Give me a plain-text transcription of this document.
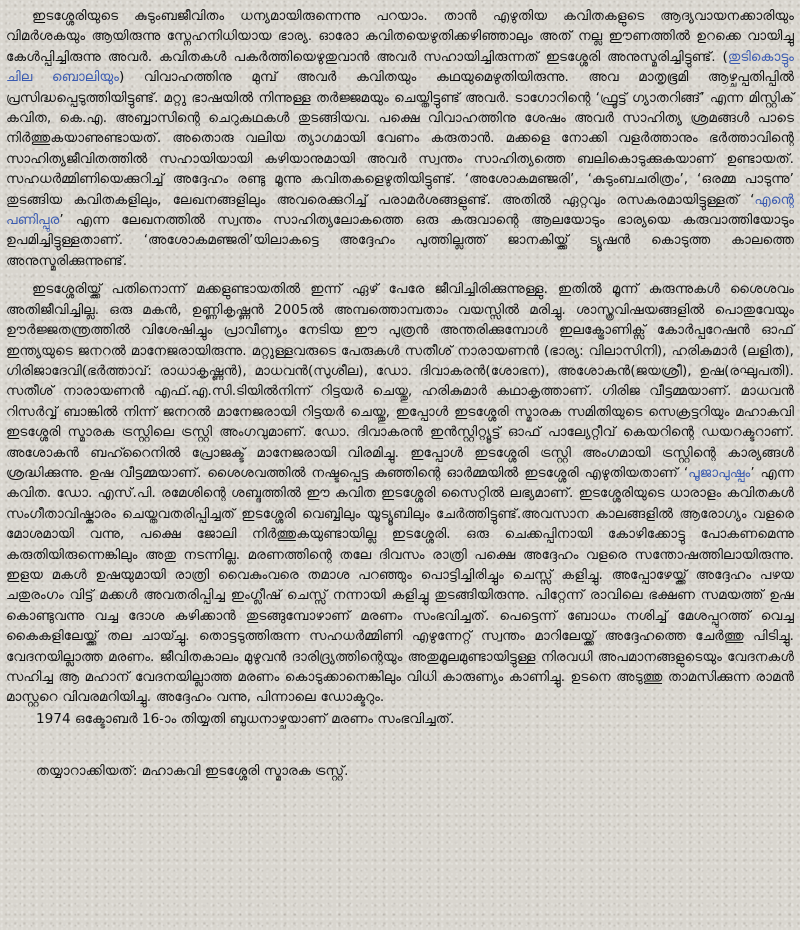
ഇടശ്ശേരിയുടെ കുടുംബജീവിതം ധന്യമായിരുന്നെന്നു പറയാം. താൻ എഴുതിയ കവിതകളുടെ ആദ്യവായനക്കാരിയും വിമർശകയും ആയിരുന്നു സ്നേഹനിധിയായ ഭാര്യ. ഓരോ കവിതയെഴുതിക്കഴിഞ്ഞാലും അത് നല്ല ഈണത്തിൽ ഉറക്കെ വായിച്ചു കേൾപ്പിച്ചിരുന്നു അവർ. കവിതകൾ പകർത്തിയെഴുതുവാൻ അവർ സഹായിച്ചിരുന്നത് ഇടശ്ശേരി അനുസ്മരിച്ചിട്ടുണ്ട്. (തുടികൊട്ടും ചില ബൊലിയും) വിവാഹത്തിനു മുമ്പ് അവർ കവിതയും കഥയുമെഴുതിയിരുന്നു. അവ മാതൃഭൂമി ആഴ്ചപ്പതിപ്പിൽ പ്രസിദ്ധപ്പെടുത്തിയിട്ടുണ്ട്. മറ്റു ഭാഷയിൽ നിന്നുള്ള തർജ്ജമയും ചെയ്തിട്ടുണ്ട് അവർ. ടാഗോറിന്റെ ‘ഫ്രൂട്ട് ഗ്യാതറിങ്ങ്’ എന്ന മിസ്റ്റിക് കവിത, കെ.എ. അബ്ബാസിന്റെ ചെറുകഥകൾ തുടങ്ങിയവ. പക്ഷെ വിവാഹത്തിനു ശേഷം അവർ സാഹിത്യ ശ്രമങ്ങൾ പാടെ നിർത്തുകയാണുണ്ടായത്. അതൊരു വലിയ ത്യാഗമായി വേണം കരുതാൻ. മക്കളെ നോക്കി വളർത്താനും ഭർത്താവിന്റെ സാഹിത്യജീവിതത്തിൽ സഹായിയായി കഴിയാനുമായി അവർ സ്വന്തം സാഹിത്യത്തെ ബലികൊടുക്കുകയാണ് ഉണ്ടായത്. സഹധർമ്മിണിയെക്കുറിച്ച് അദ്ദേഹം രണ്ടു മൂന്നു കവിതകളെഴുതിയിട്ടുണ്ട്. ‘അശോകമഞ്ജരി’, ‘കുടുംബചരിത്രം’, ‘ഒരമ്മ പാടുന്നു’ തുടങ്ങിയ കവിതകളിലും, ലേഖനങ്ങളിലും അവരെക്കുറിച്ച് പരാമർശങ്ങളുണ്ട്. അതിൽ ഏറ്റവും രസകരമായിട്ടുള്ളത് ‘എന്റെ പണിപ്പുര’ എന്ന ലേഖനത്തിൽ സ്വന്തം സാഹിത്യലോകത്തെ ഒരു കരുവാന്റെ ആലയോടും ഭാര്യയെ കരുവാത്തിയോടും ഉപമിച്ചിട്ടുള്ളതാണ്. ‘അശോകമഞ്ജരി’യിലാകട്ടെ അദ്ദേഹം പുത്തില്ലത്ത് ജാനകിയ്ക്ക് ട്യൂഷൻ കൊടുത്ത കാലത്തെ അനുസ്മരിക്കുന്നുണ്ട്.

ഇടശ്ശേരിയ്ക്ക് പതിനൊന്ന് മക്കളുണ്ടായതിൽ ഇന്ന് ഏഴ് പേരേ ജീവിച്ചിരിക്കുന്നുള്ളു. ഇതിൽ മൂന്ന് കുരുന്നുകൾ ശൈശവം അതിജീവിച്ചില്ല. ഒരു മകൻ, ഉണ്ണികൃഷ്ണൻ 2005ൽ അമ്പത്തൊമ്പതാം വയസ്സിൽ മരിച്ചു. ശാസ്ത്രവിഷയങ്ങളിൽ പൊതുവേയും ഊർജ്ജതന്ത്രത്തിൽ വിശേഷിച്ചും പ്രാവീണ്യം നേടിയ ഈ പുത്രൻ അന്തരിക്കുമ്പോൾ ഇലക്ട്രോണിക്സ് കോർപ്പറേഷൻ ഓഫ് ഇന്ത്യയുടെ ജനറൽ മാനേജരായിരുന്നു. മറ്റുള്ളവരുടെ പേരുകൾ സതീശ് നാരായണൻ (ഭാര്യ: വിലാസിനി), ഹരികുമാർ (ലളിത), ഗിരിജാദേവി(ഭർത്താവ്: രാധാകൃഷ്ണൻ), മാധവൻ(സുശീല), ഡോ. ദിവാകരൻ(ശോഭന), അശോകൻ(ജയശ്രീ), ഉഷ(രഘുപതി). സതീശ് നാരായണൻ എഫ്.എ.സി.ടിയിൽനിന്ന് റിട്ടയർ ചെയ്തു, ഹരികുമാർ കഥാകൃത്താണ്. ഗിരിജ വീട്ടമ്മയാണ്. മാധവൻ റിസർവ്വ് ബാങ്കിൽ നിന്ന് ജനറൽ മാനേജരായി റിട്ടയർ ചെയ്തു, ഇപ്പോൾ ഇടശ്ശേരി സ്മാരക സമിതിയുടെ സെക്രട്ടറിയും മഹാകവി ഇടശ്ശേരി സ്മാരക ട്രസ്റ്റിലെ ട്രസ്റ്റി അംഗവുമാണ്. ഡോ. ദിവാകരൻ ഇൻസ്റ്റിറ്റ്യൂട്ട് ഓഫ് പാല്യേറ്റീവ് കെയറിന്റെ ഡയറക്ടറാണ്. അശോകൻ ബഹ്റൈനിൽ പ്രോജക്ട് മാനേജരായി വിരമിച്ചു. ഇപ്പോൾ ഇടശ്ശേരി ട്രസ്റ്റി അംഗമായി ട്രസ്റ്റിന്റെ കാര്യങ്ങൾ ശ്രദ്ധിക്കുന്നു. ഉഷ വീട്ടമ്മയാണ്. ശൈശവത്തിൽ നഷ്ടപ്പെട്ട കുഞ്ഞിന്റെ ഓർമ്മയിൽ ഇടശ്ശേരി എഴുതിയതാണ് ‘പൂജാപുഷ്പം’ എന്ന കവിത. ഡോ. എസ്.പി. രമേശിന്റെ ശബ്ദത്തിൽ ഈ കവിത ഇടശ്ശേരി സൈറ്റിൽ ലഭ്യമാണ്. ഇടശ്ശേരിയുടെ ധാരാളം കവിതകൾ സംഗീതാവിഷ്കാരം ചെയ്തവതരിപ്പിച്ചത് ഇടശ്ശേരി വെബ്ബിലും യൂട്യൂബിലും ചേർത്തിട്ടുണ്ട്.അവസാന കാലങ്ങളിൽ ആരോഗ്യം വളരെ മോശമായി വന്നു, പക്ഷെ ജോലി നിർത്തുകയുണ്ടായില്ല ഇടശ്ശേരി. ഒരു ചെക്കപ്പിനായി കോഴിക്കോട്ടു പോകണമെന്നു കരുതിയിരുന്നെങ്കിലും അതു നടന്നില്ല. മരണത്തിന്റെ തലേ ദിവസം രാത്രി പക്ഷെ അദ്ദേഹം വളരെ സന്തോഷത്തിലായിരുന്നു. ഇളയ മകൾ ഉഷയുമായി രാത്രി വൈകുംവരെ തമാശ പറഞ്ഞും പൊട്ടിച്ചിരിച്ചും ചെസ്സ് കളിച്ചു. അപ്പോഴേയ്ക്ക് അദ്ദേഹം പഴയ ചതുരംഗം വിട്ട് മക്കൾ അവതരിപ്പിച്ച ഇംഗ്ലീഷ് ചെസ്സ് നന്നായി കളിച്ചു തുടങ്ങിയിരുന്നു. പിറ്റേന്ന് രാവിലെ ഭക്ഷണ സമയത്ത് ഉഷ കൊണ്ടുവന്നു വച്ച ദോശ കഴിക്കാൻ തുടങ്ങുമ്പോഴാണ് മരണം സംഭവിച്ചത്. പെട്ടെന്ന് ബോധം നശിച്ച് മേശപ്പുറത്ത് വെച്ച കൈകളിലേയ്ക്ക് തല ചായ്ച്ചു. തൊട്ടടുത്തിരുന്ന സഹധർമ്മിണി എഴുന്നേറ്റ് സ്വന്തം മാറിലേയ്ക്ക് അദ്ദേഹത്തെ ചേർത്തു പിടിച്ചു. വേദനയില്ലാത്ത മരണം. ജീവിതകാലം മുഴുവൻ ദാരിദ്ര്യത്തിന്റെയും അതുമൂലമുണ്ടായിട്ടുള്ള നിരവധി അപമാനങ്ങളുടെയും വേദനകൾ സഹിച്ച ആ മഹാന് വേദനയില്ലാത്ത മരണം കൊടുക്കാനെങ്കിലും വിധി കാരുണ്യം കാണിച്ചു. ഉടനെ അടുത്തു താമസിക്കുന്ന രാമൻ മാസ്റ്ററെ വിവരമറിയിച്ചു. അദ്ദേഹം വന്നു, പിന്നാലെ ഡോക്ടറും.

1974 ഒക്ടോബർ 16-ാം തിയ്യതി ബുധനാഴ്ചയാണ് മരണം സംഭവിച്ചത്.

തയ്യാറാക്കിയത്: മഹാകവി ഇടശ്ശേരി സ്മാരക ട്രസ്റ്റ്.
